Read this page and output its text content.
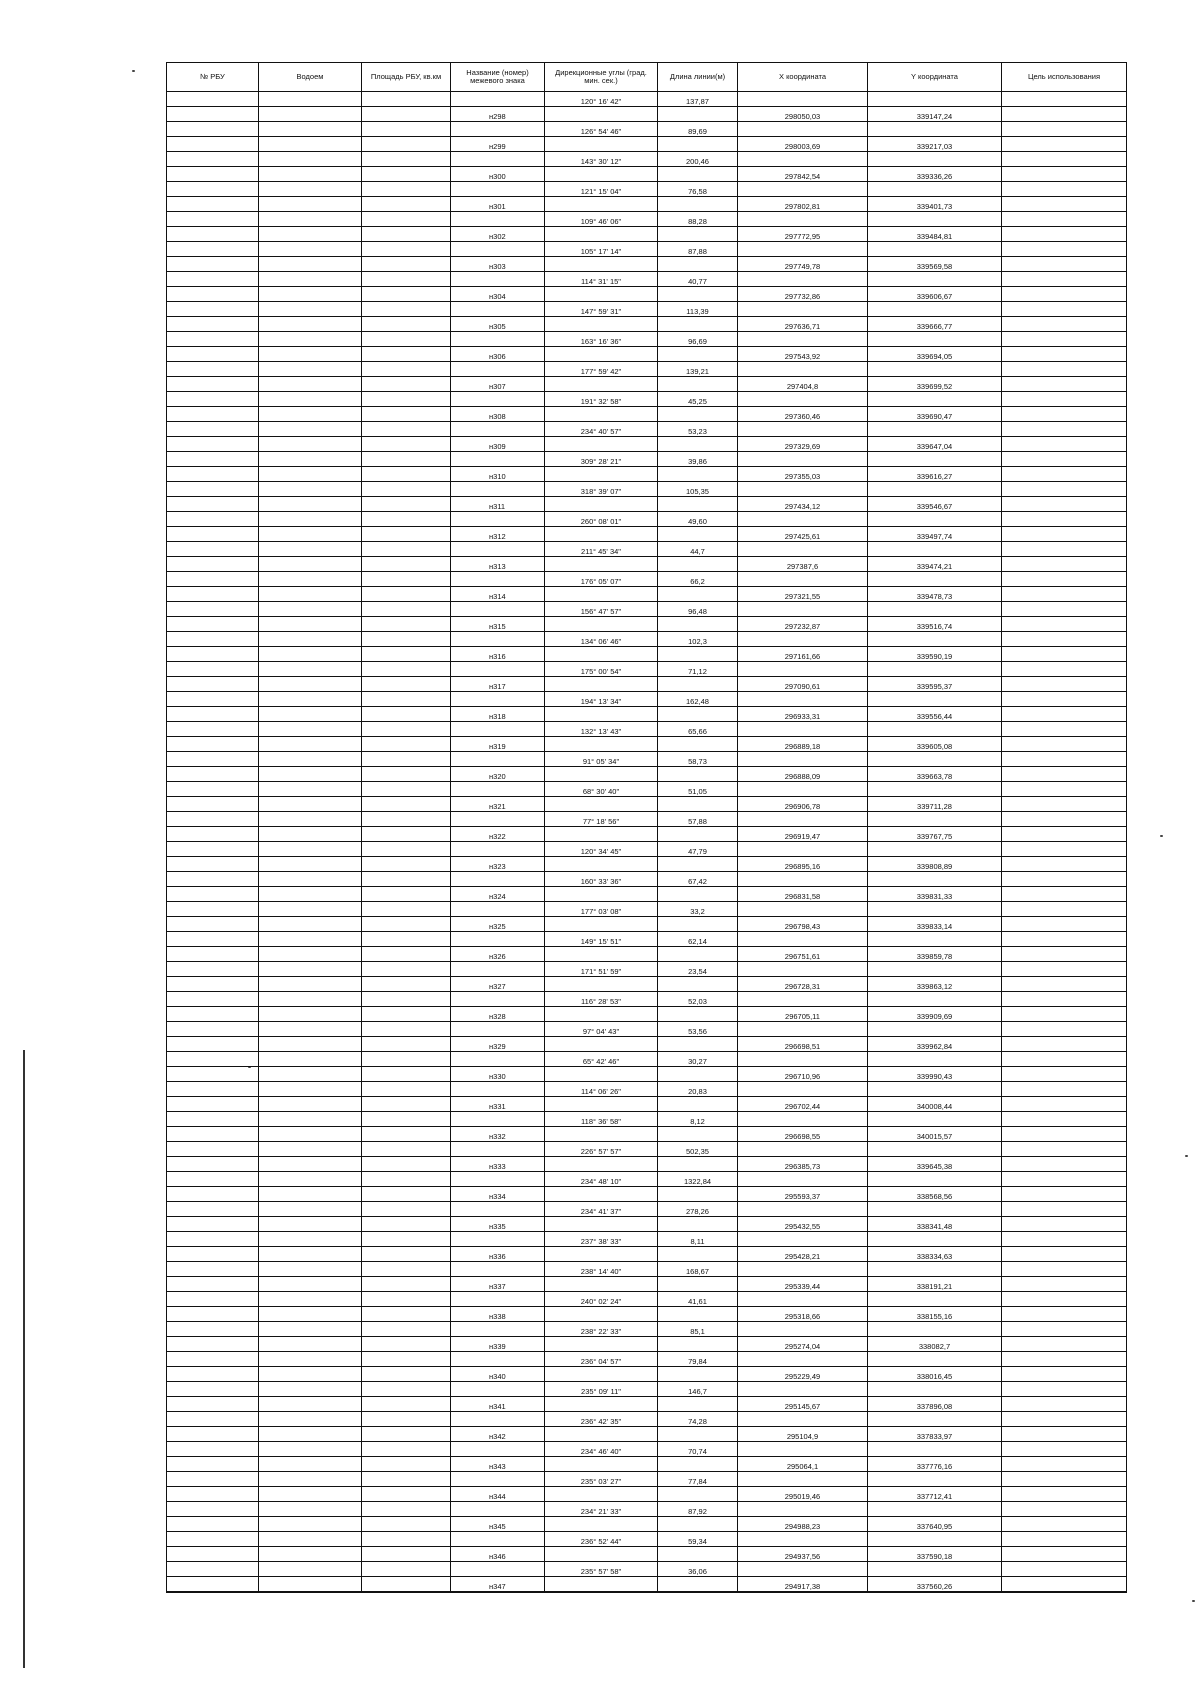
№ РБУ	Водоем	Площадь РБУ, кв.км	Название (номер) межевого знака	Дирекционные углы (град. мин. сек.)	Длина линии(м)	X координата	Y координата	Цель использования
				120° 16' 42"	137,87			
			н298			298050,03	339147,24	
				126° 54' 46"	89,69			
			н299			298003,69	339217,03	
				143° 30' 12"	200,46			
			н300			297842,54	339336,26	
				121° 15' 04"	76,58			
			н301			297802,81	339401,73	
				109° 46' 06"	88,28			
			н302			297772,95	339484,81	
				105° 17' 14"	87,88			
			н303			297749,78	339569,58	
				114° 31' 15"	40,77			
			н304			297732,86	339606,67	
				147° 59' 31"	113,39			
			н305			297636,71	339666,77	
				163° 16' 36"	96,69			
			н306			297543,92	339694,05	
				177° 59' 42"	139,21			
			н307			297404,8	339699,52	
				191° 32' 58"	45,25			
			н308			297360,46	339690,47	
				234° 40' 57"	53,23			
			н309			297329,69	339647,04	
				309° 28' 21"	39,86			
			н310			297355,03	339616,27	
				318° 39' 07"	105,35			
			н311			297434,12	339546,67	
				260° 08' 01"	49,60			
			н312			297425,61	339497,74	
				211° 45' 34"	44,7			
			н313			297387,6	339474,21	
				176° 05' 07"	66,2			
			н314			297321,55	339478,73	
				156° 47' 57"	96,48			
			н315			297232,87	339516,74	
				134° 06' 46"	102,3			
			н316			297161,66	339590,19	
				175° 00' 54"	71,12			
			н317			297090,61	339595,37	
				194° 13' 34"	162,48			
			н318			296933,31	339556,44	
				132° 13' 43"	65,66			
			н319			296889,18	339605,08	
				91° 05' 34"	58,73			
			н320			296888,09	339663,78	
				68° 30' 40"	51,05			
			н321			296906,78	339711,28	
				77° 18' 56"	57,88			
			н322			296919,47	339767,75	
				120° 34' 45"	47,79			
			н323			296895,16	339808,89	
				160° 33' 36"	67,42			
			н324			296831,58	339831,33	
				177° 03' 08"	33,2			
			н325			296798,43	339833,14	
				149° 15' 51"	62,14			
			н326			296751,61	339859,78	
				171° 51' 59"	23,54			
			н327			296728,31	339863,12	
				116° 28' 53"	52,03			
			н328			296705,11	339909,69	
				97° 04' 43"	53,56			
			н329			296698,51	339962,84	
				65° 42' 46"	30,27			
			н330			296710,96	339990,43	
				114° 06' 26"	20,83			
			н331			296702,44	340008,44	
				118° 36' 58"	8,12			
			н332			296698,55	340015,57	
				226° 57' 57"	502,35			
			н333			296385,73	339645,38	
				234° 48' 10"	1322,84			
			н334			295593,37	338568,56	
				234° 41' 37"	278,26			
			н335			295432,55	338341,48	
				237° 38' 33"	8,11			
			н336			295428,21	338334,63	
				238° 14' 40"	168,67			
			н337			295339,44	338191,21	
				240° 02' 24"	41,61			
			н338			295318,66	338155,16	
				238° 22' 33"	85,1			
			н339			295274,04	338082,7	
				236° 04' 57"	79,84			
			н340			295229,49	338016,45	
				235° 09' 11"	146,7			
			н341			295145,67	337896,08	
				236° 42' 35"	74,28			
			н342			295104,9	337833,97	
				234° 46' 40"	70,74			
			н343			295064,1	337776,16	
				235° 03' 27"	77,84			
			н344			295019,46	337712,41	
				234° 21' 33"	87,92			
			н345			294988,23	337640,95	
				236° 52' 44"	59,34			
			н346			294937,56	337590,18	
				235° 57' 58"	36,06			
			н347			294917,38	337560,26	
